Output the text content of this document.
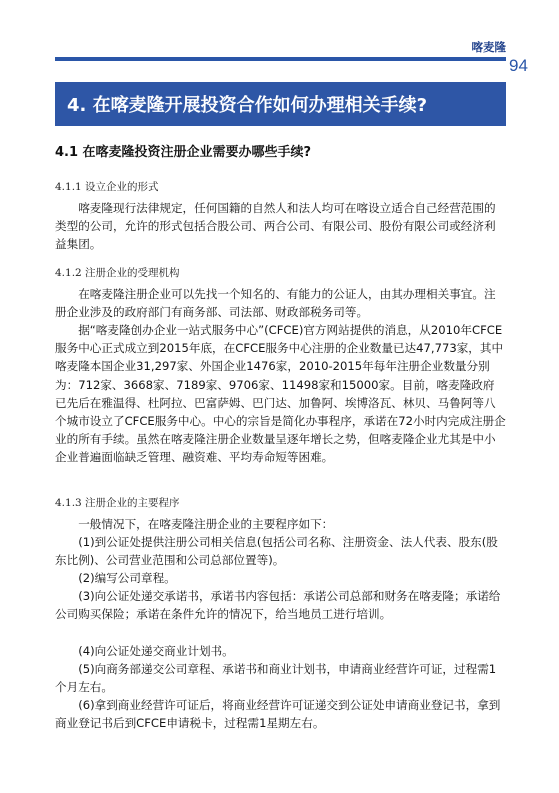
喀麦隆
94
4. 在喀麦隆开展投资合作如何办理相关手续?
4.1 在喀麦隆投资注册企业需要办哪些手续?
4.1.1 设立企业的形式

喀麦隆现行法律规定，任何国籍的自然人和法人均可在喀设立适合自己经营范围的类型的公司，允许的形式包括合股公司、两合公司、有限公司、股份有限公司或经济利益集团。

4.1.2 注册企业的受理机构

在喀麦隆注册企业可以先找一个知名的、有能力的公证人，由其办理相关事宜。注册企业涉及的政府部门有商务部、司法部、财政部税务司等。

据“喀麦隆创办企业一站式服务中心”(CFCE)官方网站提供的消息，从2010年CFCE服务中心正式成立到2015年底，在CFCE服务中心注册的企业数量已达47,773家，其中喀麦隆本国企业31,297家、外国企业1476家，2010-2015年每年注册企业数量分别为：712家、3668家、7189家、9706家、11498家和15000家。目前，喀麦隆政府已先后在雅温得、杜阿拉、巴富萨姆、巴门达、加鲁阿、埃博洛瓦、林贝、马鲁阿等八个城市设立了CFCE服务中心。中心的宗旨是简化办事程序，承诺在72小时内完成注册企业的所有手续。虽然在喀麦隆注册企业数量呈逐年增长之势，但喀麦隆企业尤其是中小企业普遍面临缺乏管理、融资难、平均寿命短等困难。

4.1.3 注册企业的主要程序

一般情况下，在喀麦隆注册企业的主要程序如下：

(1)到公证处提供注册公司相关信息(包括公司名称、注册资金、法人代表、股东(股东比例)、公司营业范围和公司总部位置等)。

(2)编写公司章程。

(3)向公证处递交承诺书，承诺书内容包括：承诺公司总部和财务在喀麦隆；承诺给公司购买保险；承诺在条件允许的情况下，给当地员工进行培训。

(4)向公证处递交商业计划书。

(5)向商务部递交公司章程、承诺书和商业计划书，申请商业经营许可证，过程需1个月左右。

(6)拿到商业经营许可证后，将商业经营许可证递交到公证处申请商业登记书，拿到商业登记书后到CFCE申请税卡，过程需1星期左右。
